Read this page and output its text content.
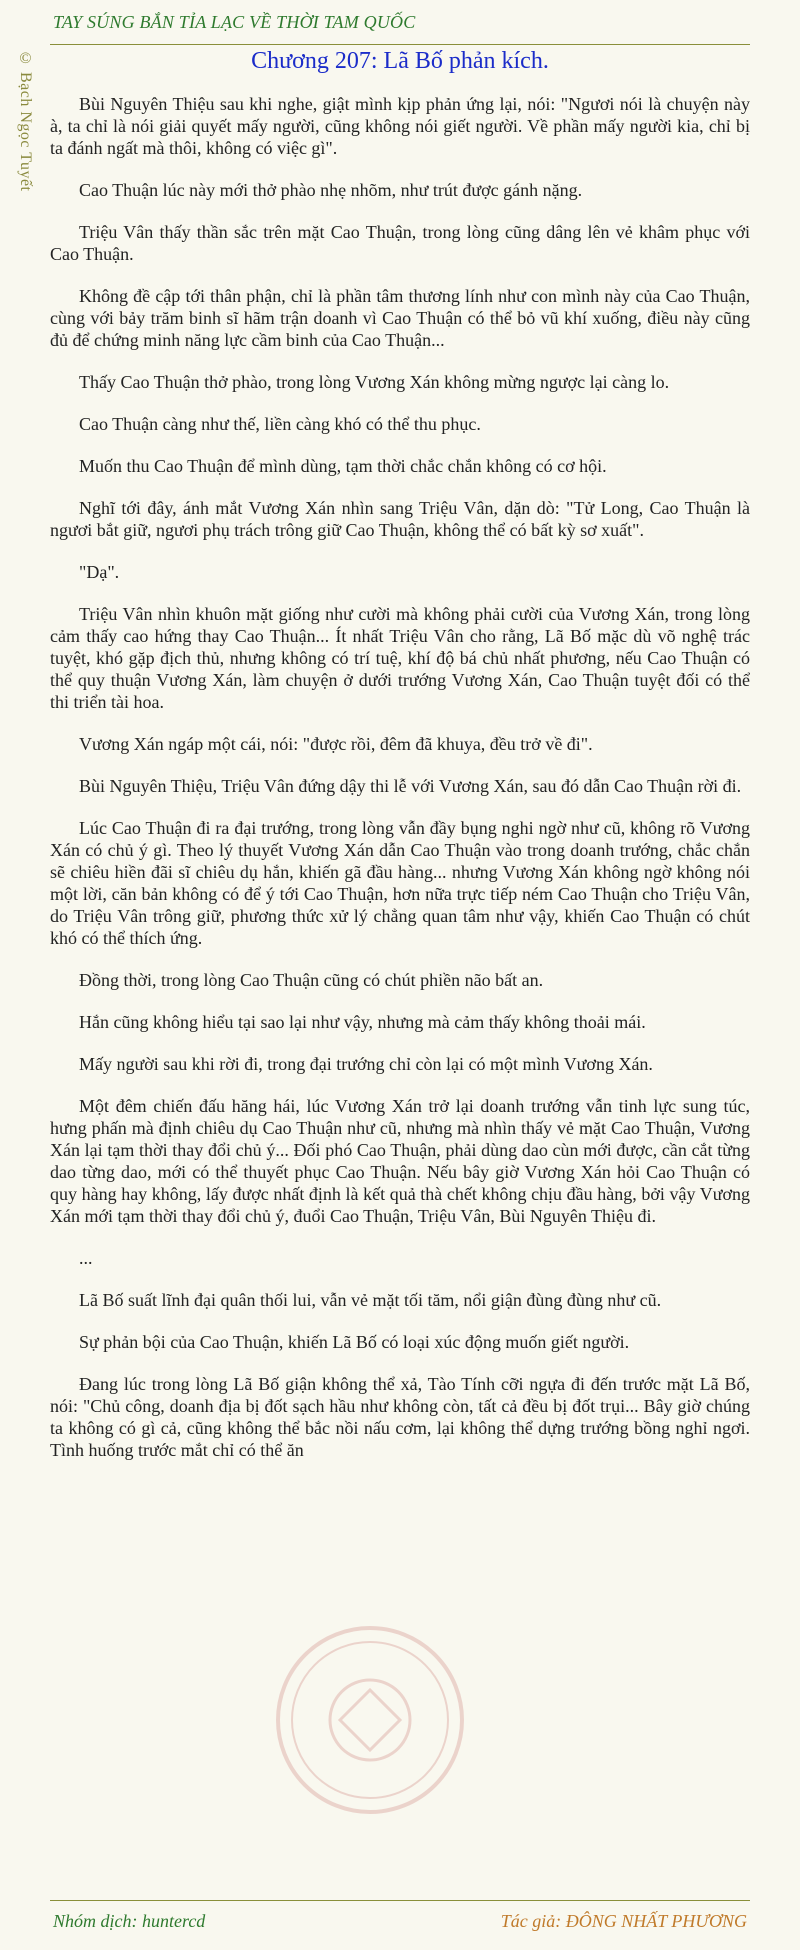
TAY SÚNG BẮN TỈA LẠC VỀ THỜI TAM QUỐC
© Bạch Ngọc Tuyết	Chương 207: Lã Bố phản kích.

Bùi Nguyên Thiệu sau khi nghe, giật mình kịp phản ứng lại, nói: "Ngươi nói là chuyện này à, ta chỉ là nói giải quyết mấy người, cũng không nói giết người. Về phần mấy người kia, chỉ bị ta đánh ngất mà thôi, không có việc gì".

Cao Thuận lúc này mới thở phào nhẹ nhõm, như trút được gánh nặng.

Triệu Vân thấy thần sắc trên mặt Cao Thuận, trong lòng cũng dâng lên vẻ khâm phục với Cao Thuận.

Không đề cập tới thân phận, chỉ là phần tâm thương lính như con mình này của Cao Thuận, cùng với bảy trăm binh sĩ hãm trận doanh vì Cao Thuận có thể bỏ vũ khí xuống, điều này cũng đủ để chứng minh năng lực cầm binh của Cao Thuận...

Thấy Cao Thuận thở phào, trong lòng Vương Xán không mừng ngược lại càng lo.

Cao Thuận càng như thế, liền càng khó có thể thu phục.

Muốn thu Cao Thuận để mình dùng, tạm thời chắc chắn không có cơ hội.

Nghĩ tới đây, ánh mắt Vương Xán nhìn sang Triệu Vân, dặn dò: "Tử Long, Cao Thuận là ngươi bắt giữ, ngươi phụ trách trông giữ Cao Thuận, không thể có bất kỳ sơ xuất".

"Dạ".

Triệu Vân nhìn khuôn mặt giống như cười mà không phải cười của Vương Xán, trong lòng cảm thấy cao hứng thay Cao Thuận... Ít nhất Triệu Vân cho rằng, Lã Bố mặc dù võ nghệ trác tuyệt, khó gặp địch thủ, nhưng không có trí tuệ, khí độ bá chủ nhất phương, nếu Cao Thuận có thể quy thuận Vương Xán, làm chuyện ở dưới trướng Vương Xán, Cao Thuận tuyệt đối có thể thi triển tài hoa.

Vương Xán ngáp một cái, nói: "được rồi, đêm đã khuya, đều trở về đi".

Bùi Nguyên Thiệu, Triệu Vân đứng dậy thi lễ với Vương Xán, sau đó dẫn Cao Thuận rời đi.

Lúc Cao Thuận đi ra đại trướng, trong lòng vẫn đầy bụng nghi ngờ như cũ, không rõ Vương Xán có chủ ý gì. Theo lý thuyết Vương Xán dẫn Cao Thuận vào trong doanh trướng, chắc chắn sẽ chiêu hiền đãi sĩ chiêu dụ hắn, khiến gã đầu hàng... nhưng Vương Xán không ngờ không nói một lời, căn bản không có để ý tới Cao Thuận, hơn nữa trực tiếp ném Cao Thuận cho Triệu Vân, do Triệu Vân trông giữ, phương thức xử lý chẳng quan tâm như vậy, khiến Cao Thuận có chút khó có thể thích ứng.

Đồng thời, trong lòng Cao Thuận cũng có chút phiền não bất an.

Hắn cũng không hiểu tại sao lại như vậy, nhưng mà cảm thấy không thoải mái.

Mấy người sau khi rời đi, trong đại trướng chỉ còn lại có một mình Vương Xán.

Một đêm chiến đấu hăng hái, lúc Vương Xán trở lại doanh trướng vẫn tinh lực sung túc, hưng phấn mà định chiêu dụ Cao Thuận như cũ, nhưng mà nhìn thấy vẻ mặt Cao Thuận, Vương Xán lại tạm thời thay đổi chủ ý... Đối phó Cao Thuận, phải dùng dao cùn mới được, cần cắt từng dao từng dao, mới có thể thuyết phục Cao Thuận. Nếu bây giờ Vương Xán hỏi Cao Thuận có quy hàng hay không, lấy được nhất định là kết quả thà chết không chịu đầu hàng, bởi vậy Vương Xán mới tạm thời thay đổi chủ ý, đuổi Cao Thuận, Triệu Vân, Bùi Nguyên Thiệu đi.

...

Lã Bố suất lĩnh đại quân thối lui, vẫn vẻ mặt tối tăm, nổi giận đùng đùng như cũ.

Sự phản bội của Cao Thuận, khiến Lã Bố có loại xúc động muốn giết người.

Đang lúc trong lòng Lã Bố giận không thể xả, Tào Tính cỡi ngựa đi đến trước mặt Lã Bố, nói: "Chủ công, doanh địa bị đốt sạch hầu như không còn, tất cả đều bị đốt trụi... Bây giờ chúng ta không có gì cả, cũng không thể bắc nồi nấu cơm, lại không thể dựng trướng bồng nghỉ ngơi. Tình huống trước mắt chỉ có thể ăn

Nhóm dịch: huntercd	Tác giả: ĐÔNG NHẤT PHƯƠNG
